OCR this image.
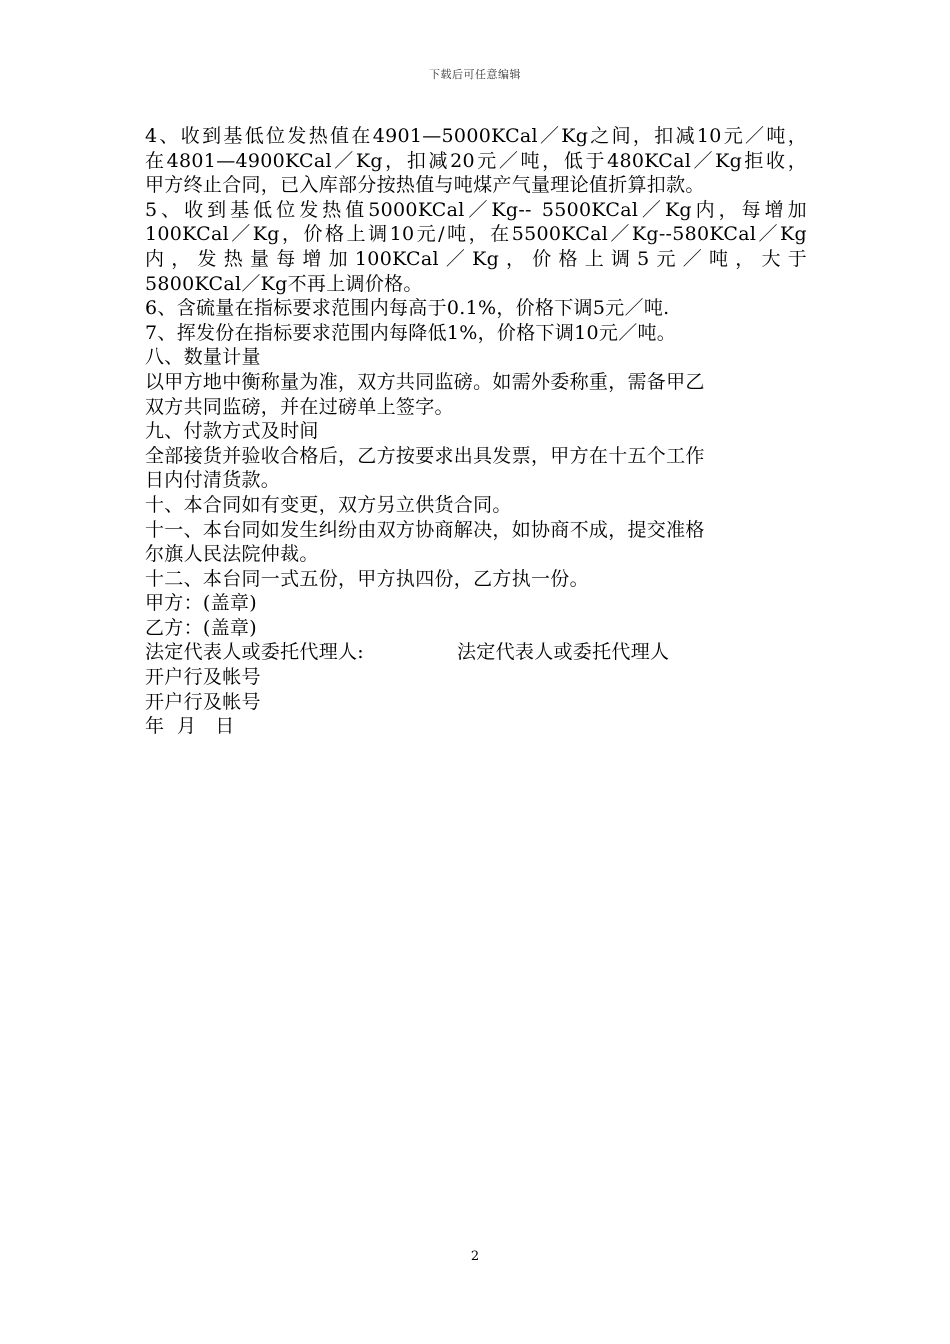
下载后可任意编辑
4、收到基低位发热值在4901—5000KCal／Kg之间，扣减10元／吨，
在4801—4900KCal／Kg，扣减20元／吨，低于480KCal／Kg拒收，
甲方终止合同，已入库部分按热值与吨煤产气量理论值折算扣款。
5、收到基低位发热值5000KCal／Kg-- 5500KCal／Kg内，每增加
100KCal／Kg，价格上调10元/吨，在5500KCal／Kg--580KCal／Kg
内，发热量每增加100KCal／Kg，价格上调5元／吨，大于
5800KCal／Kg不再上调价格。
6、含硫量在指标要求范围内每高于0.1%，价格下调5元／吨.
7、挥发份在指标要求范围内每降低1%，价格下调10元／吨。
八、数量计量
以甲方地中衡称量为准，双方共同监磅。如需外委称重，需备甲乙
双方共同监磅，并在过磅单上签字。
九、付款方式及时间
全部接货并验收合格后，乙方按要求出具发票，甲方在十五个工作
日内付清货款。
十、本合同如有变更，双方另立供货合同。
十一、本台同如发生纠纷由双方协商解决，如协商不成，提交准格
尔旗人民法院仲裁。
十二、本台同一式五份，甲方执四份，乙方执一份。
甲方：(盖章)
乙方：(盖章)
法定代表人或委托代理人:	法定代表人或委托代理人
开户行及帐号
开户行及帐号
年  月   日
2
